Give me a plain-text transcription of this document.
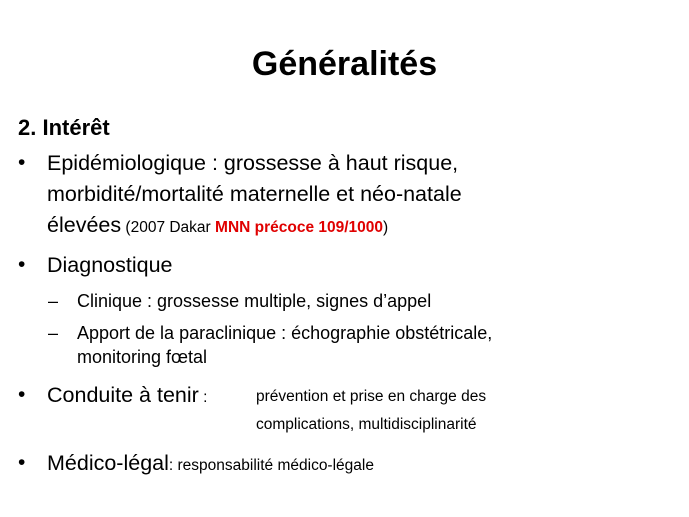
Généralités
2. Intérêt
• Epidémiologique : grossesse à haut risque,
morbidité/mortalité maternelle et néo-natale
élevées (2007 Dakar MNN précoce 109/1000)
• Diagnostique
– Clinique : grossesse multiple, signes d’appel
– Apport de la paraclinique : échographie obstétricale,
monitoring fœtal
• Conduite à tenir :	prévention et prise en charge des
complications, multidisciplinarité
• Médico-légal: responsabilité médico-légale
